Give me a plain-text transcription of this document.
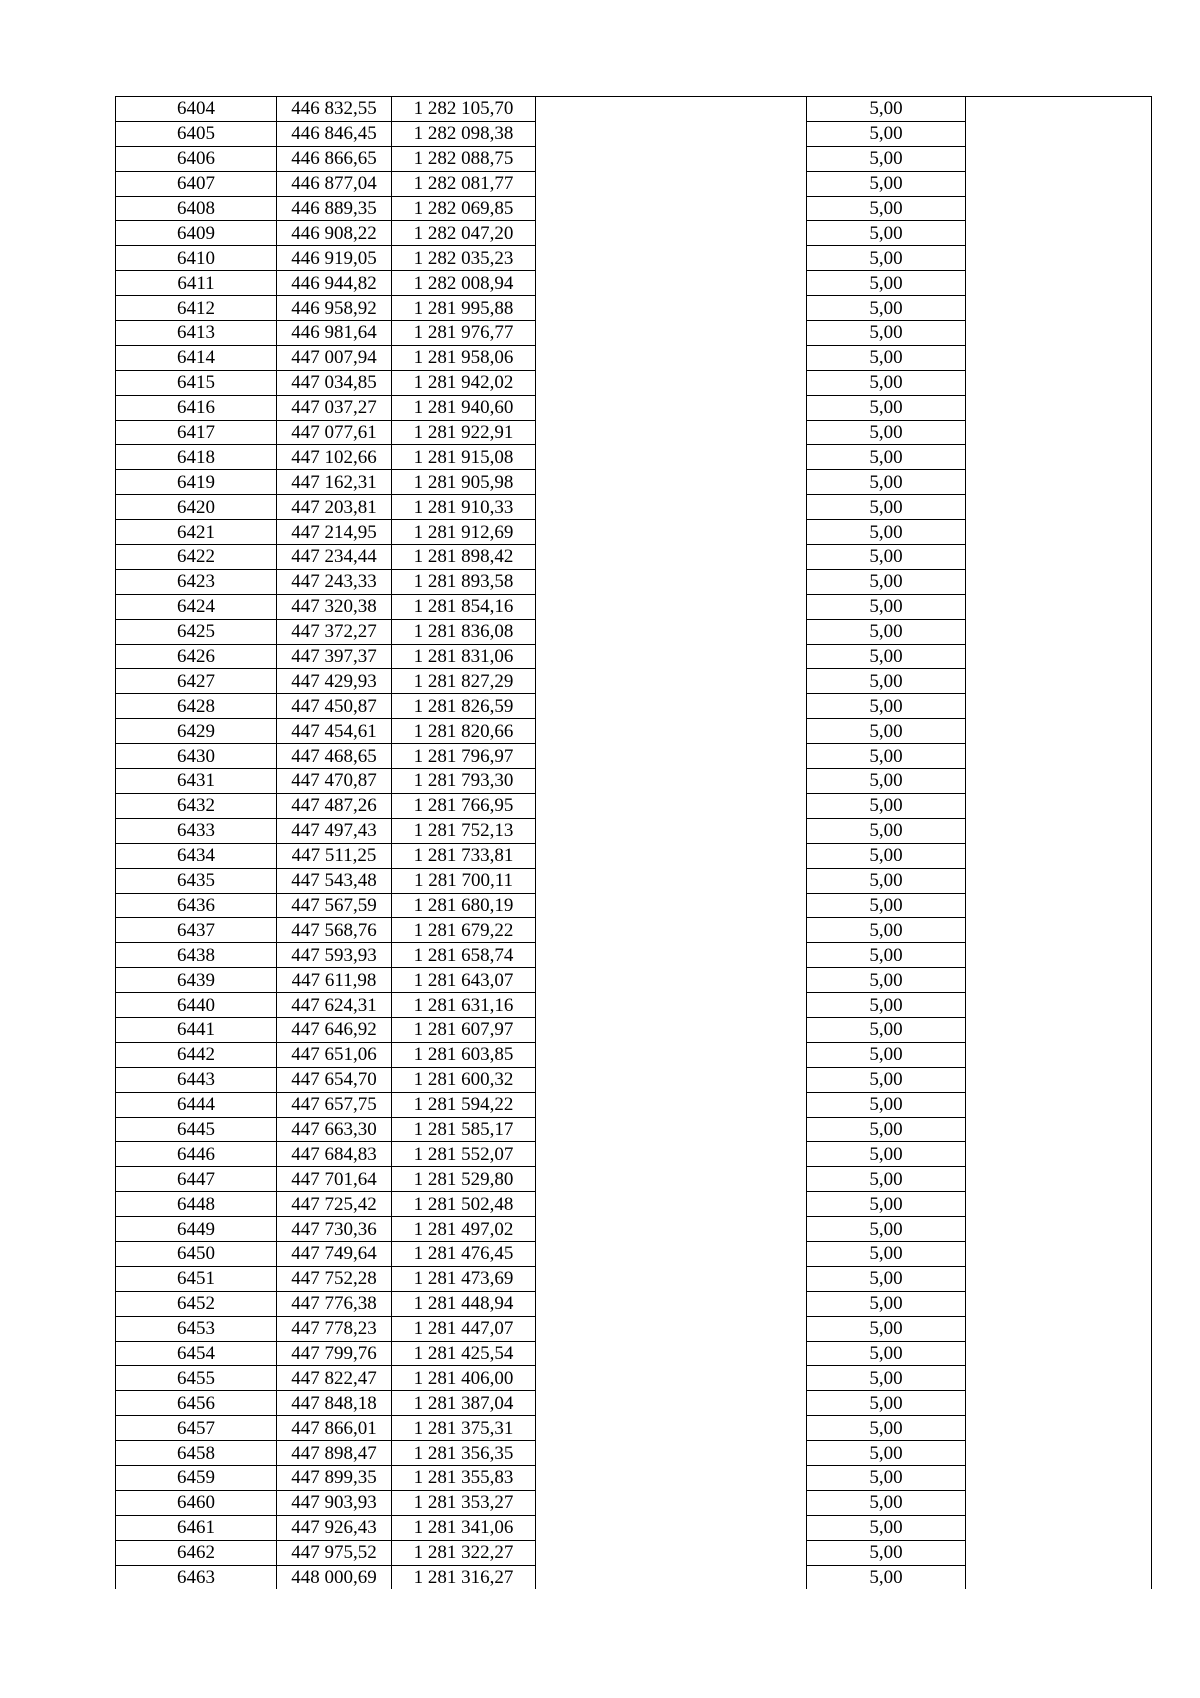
6404	446 832,55	1 282 105,70		5,00	
6405	446 846,45	1 282 098,38		5,00	
6406	446 866,65	1 282 088,75		5,00	
6407	446 877,04	1 282 081,77		5,00	
6408	446 889,35	1 282 069,85		5,00	
6409	446 908,22	1 282 047,20		5,00	
6410	446 919,05	1 282 035,23		5,00	
6411	446 944,82	1 282 008,94		5,00	
6412	446 958,92	1 281 995,88		5,00	
6413	446 981,64	1 281 976,77		5,00	
6414	447 007,94	1 281 958,06		5,00	
6415	447 034,85	1 281 942,02		5,00	
6416	447 037,27	1 281 940,60		5,00	
6417	447 077,61	1 281 922,91		5,00	
6418	447 102,66	1 281 915,08		5,00	
6419	447 162,31	1 281 905,98		5,00	
6420	447 203,81	1 281 910,33		5,00	
6421	447 214,95	1 281 912,69		5,00	
6422	447 234,44	1 281 898,42		5,00	
6423	447 243,33	1 281 893,58		5,00	
6424	447 320,38	1 281 854,16		5,00	
6425	447 372,27	1 281 836,08		5,00	
6426	447 397,37	1 281 831,06		5,00	
6427	447 429,93	1 281 827,29		5,00	
6428	447 450,87	1 281 826,59		5,00	
6429	447 454,61	1 281 820,66		5,00	
6430	447 468,65	1 281 796,97		5,00	
6431	447 470,87	1 281 793,30		5,00	
6432	447 487,26	1 281 766,95		5,00	
6433	447 497,43	1 281 752,13		5,00	
6434	447 511,25	1 281 733,81		5,00	
6435	447 543,48	1 281 700,11		5,00	
6436	447 567,59	1 281 680,19		5,00	
6437	447 568,76	1 281 679,22		5,00	
6438	447 593,93	1 281 658,74		5,00	
6439	447 611,98	1 281 643,07		5,00	
6440	447 624,31	1 281 631,16		5,00	
6441	447 646,92	1 281 607,97		5,00	
6442	447 651,06	1 281 603,85		5,00	
6443	447 654,70	1 281 600,32		5,00	
6444	447 657,75	1 281 594,22		5,00	
6445	447 663,30	1 281 585,17		5,00	
6446	447 684,83	1 281 552,07		5,00	
6447	447 701,64	1 281 529,80		5,00	
6448	447 725,42	1 281 502,48		5,00	
6449	447 730,36	1 281 497,02		5,00	
6450	447 749,64	1 281 476,45		5,00	
6451	447 752,28	1 281 473,69		5,00	
6452	447 776,38	1 281 448,94		5,00	
6453	447 778,23	1 281 447,07		5,00	
6454	447 799,76	1 281 425,54		5,00	
6455	447 822,47	1 281 406,00		5,00	
6456	447 848,18	1 281 387,04		5,00	
6457	447 866,01	1 281 375,31		5,00	
6458	447 898,47	1 281 356,35		5,00	
6459	447 899,35	1 281 355,83		5,00	
6460	447 903,93	1 281 353,27		5,00	
6461	447 926,43	1 281 341,06		5,00	
6462	447 975,52	1 281 322,27		5,00	
6463	448 000,69	1 281 316,27		5,00	
